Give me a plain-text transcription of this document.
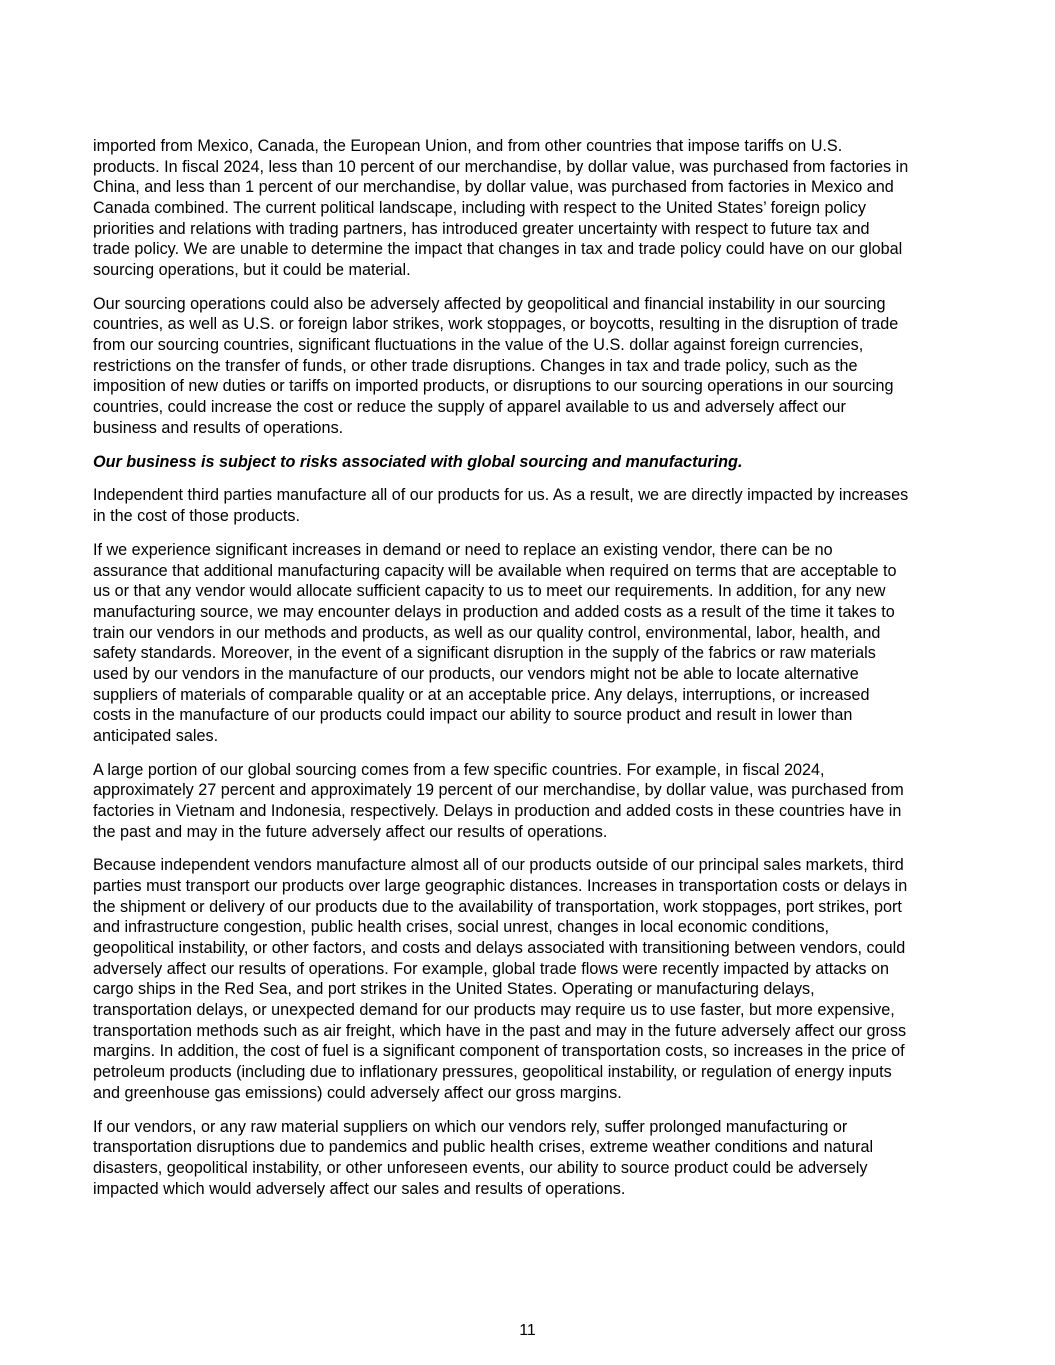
imported from Mexico, Canada, the European Union, and from other countries that impose tariffs on U.S.
products. In fiscal 2024, less than 10 percent of our merchandise, by dollar value, was purchased from factories in
China, and less than 1 percent of our merchandise, by dollar value, was purchased from factories in Mexico and
Canada combined. The current political landscape, including with respect to the United States’ foreign policy
priorities and relations with trading partners, has introduced greater uncertainty with respect to future tax and
trade policy. We are unable to determine the impact that changes in tax and trade policy could have on our global
sourcing operations, but it could be material.

Our sourcing operations could also be adversely affected by geopolitical and financial instability in our sourcing
countries, as well as U.S. or foreign labor strikes, work stoppages, or boycotts, resulting in the disruption of trade
from our sourcing countries, significant fluctuations in the value of the U.S. dollar against foreign currencies,
restrictions on the transfer of funds, or other trade disruptions. Changes in tax and trade policy, such as the
imposition of new duties or tariffs on imported products, or disruptions to our sourcing operations in our sourcing
countries, could increase the cost or reduce the supply of apparel available to us and adversely affect our
business and results of operations.

Our business is subject to risks associated with global sourcing and manufacturing.

Independent third parties manufacture all of our products for us. As a result, we are directly impacted by increases
in the cost of those products.

If we experience significant increases in demand or need to replace an existing vendor, there can be no
assurance that additional manufacturing capacity will be available when required on terms that are acceptable to
us or that any vendor would allocate sufficient capacity to us to meet our requirements. In addition, for any new
manufacturing source, we may encounter delays in production and added costs as a result of the time it takes to
train our vendors in our methods and products, as well as our quality control, environmental, labor, health, and
safety standards. Moreover, in the event of a significant disruption in the supply of the fabrics or raw materials
used by our vendors in the manufacture of our products, our vendors might not be able to locate alternative
suppliers of materials of comparable quality or at an acceptable price. Any delays, interruptions, or increased
costs in the manufacture of our products could impact our ability to source product and result in lower than
anticipated sales.

A large portion of our global sourcing comes from a few specific countries. For example, in fiscal 2024,
approximately 27 percent and approximately 19 percent of our merchandise, by dollar value, was purchased from
factories in Vietnam and Indonesia, respectively. Delays in production and added costs in these countries have in
the past and may in the future adversely affect our results of operations.

Because independent vendors manufacture almost all of our products outside of our principal sales markets, third
parties must transport our products over large geographic distances. Increases in transportation costs or delays in
the shipment or delivery of our products due to the availability of transportation, work stoppages, port strikes, port
and infrastructure congestion, public health crises, social unrest, changes in local economic conditions,
geopolitical instability, or other factors, and costs and delays associated with transitioning between vendors, could
adversely affect our results of operations. For example, global trade flows were recently impacted by attacks on
cargo ships in the Red Sea, and port strikes in the United States. Operating or manufacturing delays,
transportation delays, or unexpected demand for our products may require us to use faster, but more expensive,
transportation methods such as air freight, which have in the past and may in the future adversely affect our gross
margins. In addition, the cost of fuel is a significant component of transportation costs, so increases in the price of
petroleum products (including due to inflationary pressures, geopolitical instability, or regulation of energy inputs
and greenhouse gas emissions) could adversely affect our gross margins.

If our vendors, or any raw material suppliers on which our vendors rely, suffer prolonged manufacturing or
transportation disruptions due to pandemics and public health crises, extreme weather conditions and natural
disasters, geopolitical instability, or other unforeseen events, our ability to source product could be adversely
impacted which would adversely affect our sales and results of operations.

11
